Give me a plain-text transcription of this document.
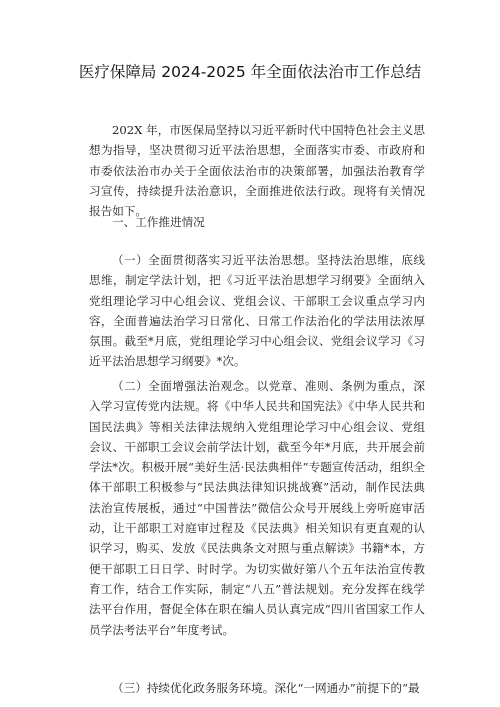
医疗保障局 2024-2025 年全面依法治市工作总结
202X 年，市医保局坚持以习近平新时代中国特色社会主义思想为指导，坚决贯彻习近平法治思想，全面落实市委、市政府和市委依法治市办关于全面依法治市的决策部署，加强法治教育学习宣传，持续提升法治意识，全面推进依法行政。现将有关情况报告如下。
一、工作推进情况
（一）全面贯彻落实习近平法治思想。坚持法治思维，底线思维，制定学法计划，把《习近平法治思想学习纲要》全面纳入党组理论学习中心组会议、党组会议、干部职工会议重点学习内容，全面普遍法治学习日常化、日常工作法治化的学法用法浓厚氛围。截至*月底，党组理论学习中心组会议、党组会议学习《习近平法治思想学习纲要》*次。
（二）全面增强法治观念。以党章、准则、条例为重点，深入学习宣传党内法规。将《中华人民共和国宪法》《中华人民共和国民法典》等相关法律法规纳入党组理论学习中心组会议、党组会议、干部职工会议会前学法计划，截至今年*月底，共开展会前学法*次。积极开展“美好生活·民法典相伴”专题宣传活动，组织全体干部职工积极参与“民法典法律知识挑战赛”活动，制作民法典法治宣传展板，通过“中国普法”微信公众号开展线上旁听庭审活动，让干部职工对庭审过程及《民法典》相关知识有更直观的认识学习，购买、发放《民法典条文对照与重点解读》书籍*本，方便干部职工日日学、时时学。为切实做好第八个五年法治宣传教育工作，结合工作实际，制定“八五”普法规划。充分发挥在线学法平台作用，督促全体在职在编人员认真完成“四川省国家工作人员学法考法平台”年度考试。
（三）持续优化政务服务环境。深化“一网通办”前提下的“最
